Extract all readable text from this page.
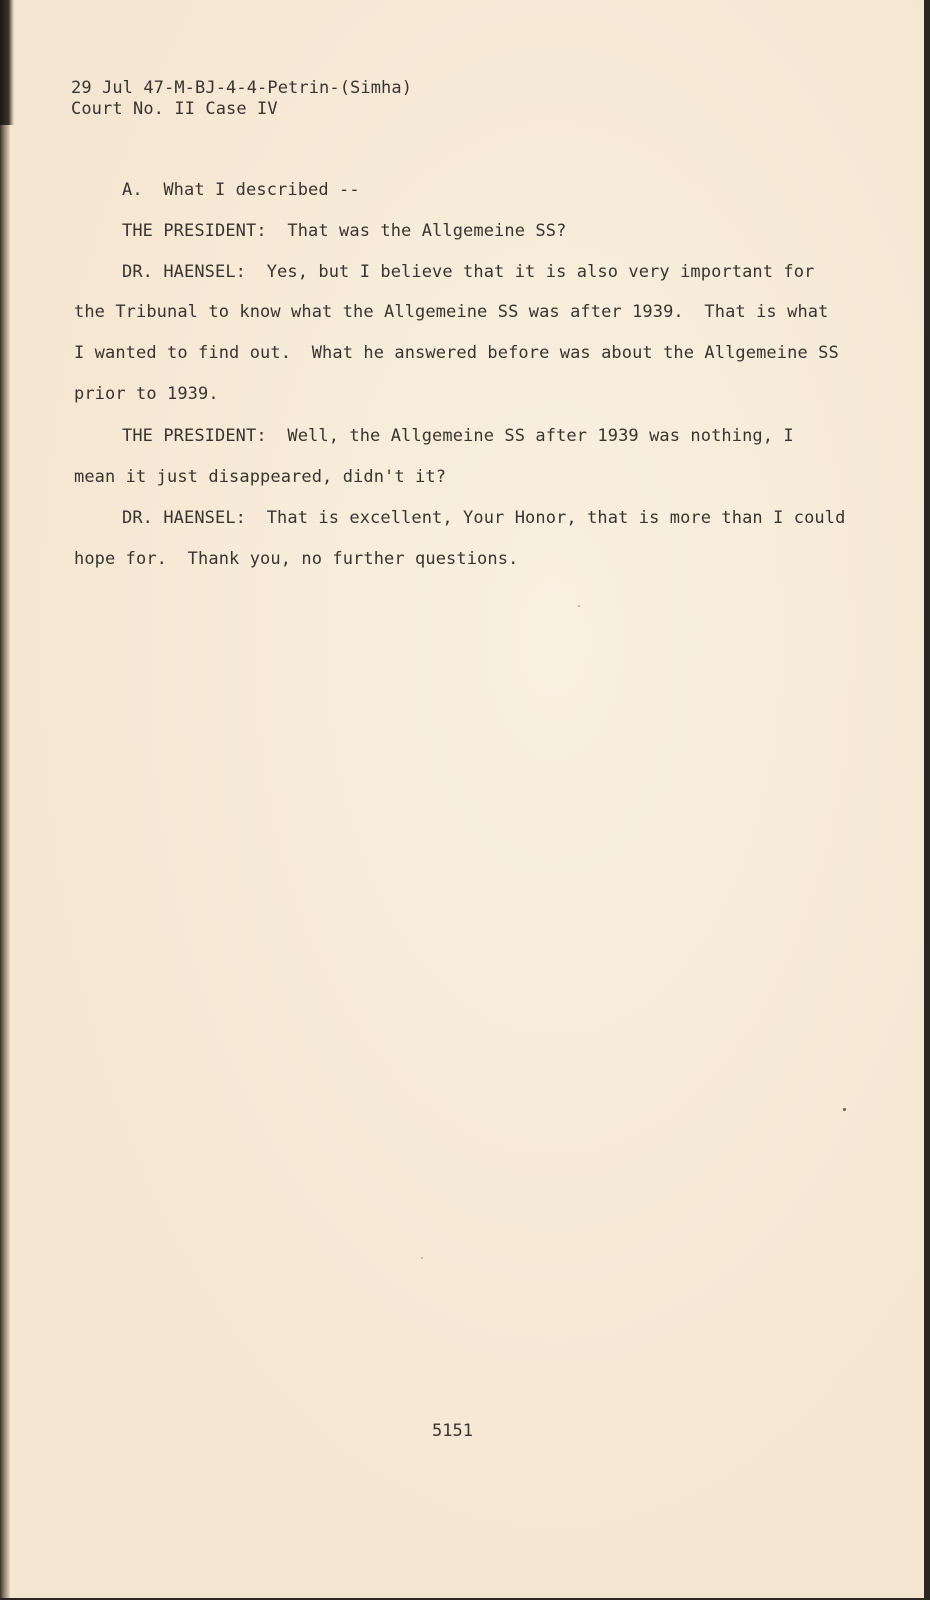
29 Jul 47-M-BJ-4-4-Petrin-(Simha)
Court No. II Case IV
A.  What I described --
THE PRESIDENT:  That was the Allgemeine SS?
DR. HAENSEL:  Yes, but I believe that it is also very important for
the Tribunal to know what the Allgemeine SS was after 1939.  That is what
I wanted to find out.  What he answered before was about the Allgemeine SS
prior to 1939.
THE PRESIDENT:  Well, the Allgemeine SS after 1939 was nothing, I
mean it just disappeared, didn't it?
DR. HAENSEL:  That is excellent, Your Honor, that is more than I could
hope for.  Thank you, no further questions.
5151
